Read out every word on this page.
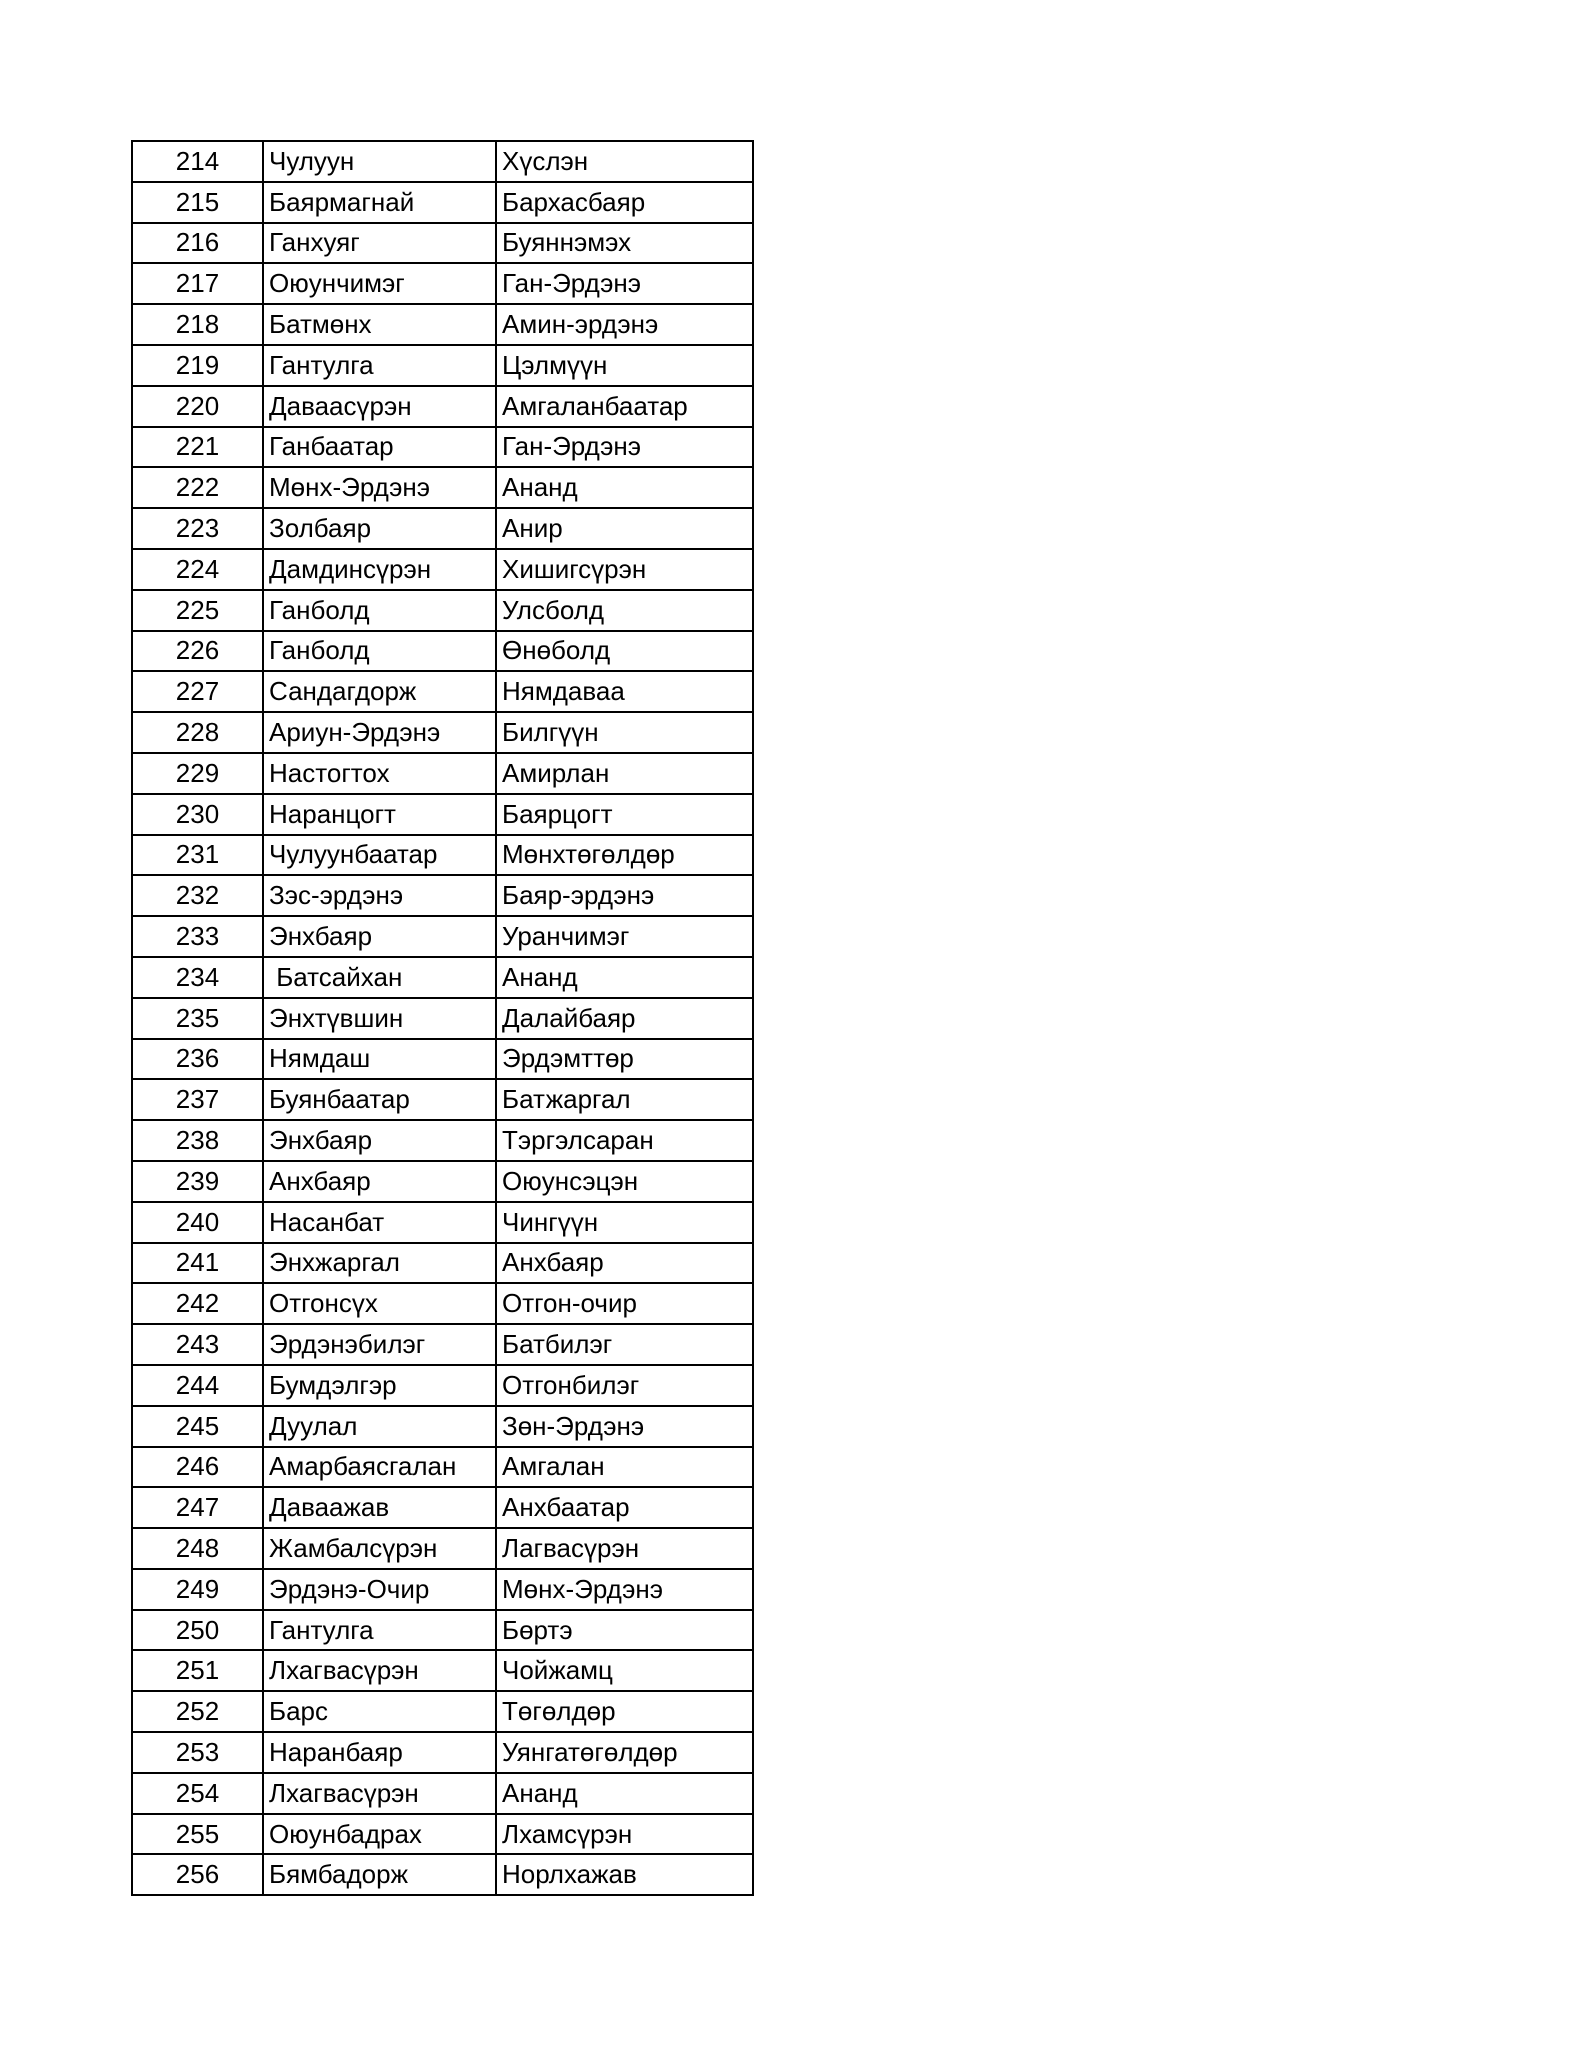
214	Чулуун	Хүслэн
215	Баярмагнай	Бархасбаяр
216	Ганхуяг	Буяннэмэх
217	Оюунчимэг	Ган-Эрдэнэ
218	Батмөнх	Амин-эрдэнэ
219	Гантулга	Цэлмүүн
220	Даваасүрэн	Амгаланбаатар
221	Ганбаатар	Ган-Эрдэнэ
222	Мөнх-Эрдэнэ	Ананд
223	Золбаяр	Анир
224	Дамдинсүрэн	Хишигсүрэн
225	Ганболд	Улсболд
226	Ганболд	Өнөболд
227	Сандагдорж	Нямдаваа
228	Ариун-Эрдэнэ	Билгүүн
229	Настогтох	Амирлан
230	Наранцогт	Баярцогт
231	Чулуунбаатар	Мөнхтөгөлдөр
232	Зэс-эрдэнэ	Баяр-эрдэнэ
233	Энхбаяр	Уранчимэг
234	Батсайхан	Ананд
235	Энхтүвшин	Далайбаяр
236	Нямдаш	Эрдэмттөр
237	Буянбаатар	Батжаргал
238	Энхбаяр	Тэргэлсаран
239	Анхбаяр	Оюунсэцэн
240	Насанбат	Чингүүн
241	Энхжаргал	Анхбаяр
242	Отгонсүх	Отгон-очир
243	Эрдэнэбилэг	Батбилэг
244	Бумдэлгэр	Отгонбилэг
245	Дуулал	Зөн-Эрдэнэ
246	Амарбаясгалан	Амгалан
247	Даваажав	Анхбаатар
248	Жамбалсүрэн	Лагвасүрэн
249	Эрдэнэ-Очир	Мөнх-Эрдэнэ
250	Гантулга	Бөртэ
251	Лхагвасүрэн	Чойжамц
252	Барс	Төгөлдөр
253	Наранбаяр	Уянгатөгөлдөр
254	Лхагвасүрэн	Ананд
255	Оюунбадрах	Лхамсүрэн
256	Бямбадорж	Норлхажав
